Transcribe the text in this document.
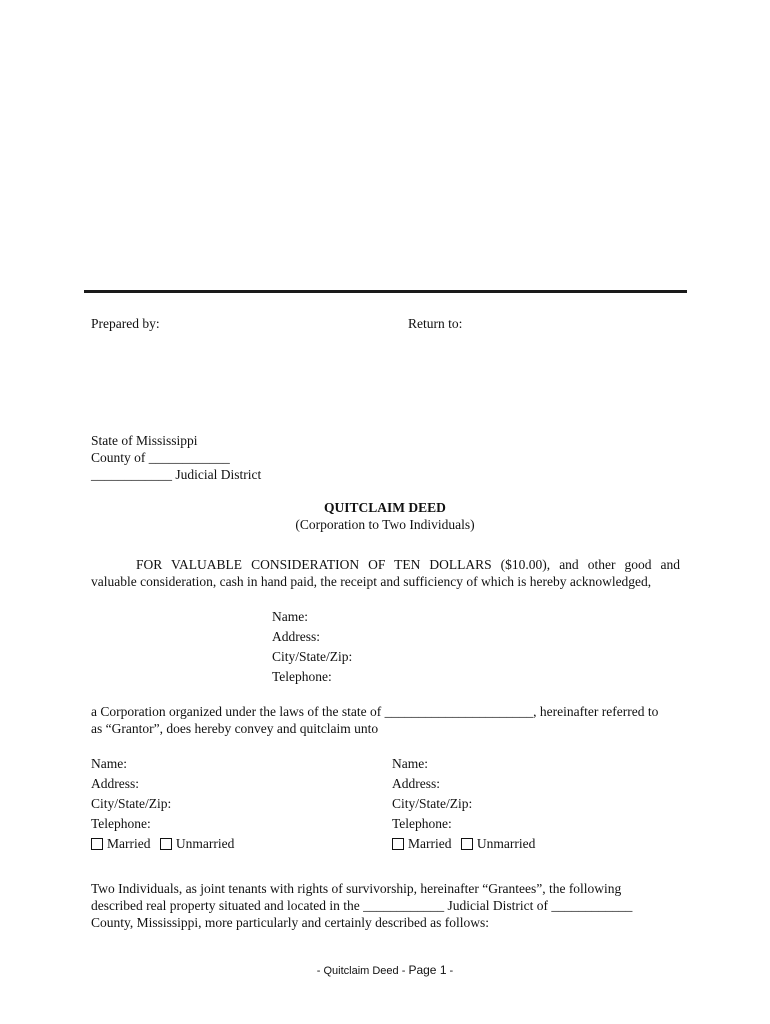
Prepared by:	Return to:
State of Mississippi
County of ____________
____________ Judicial District
QUITCLAIM DEED
(Corporation to Two Individuals)
FOR VALUABLE CONSIDERATION OF TEN DOLLARS ($10.00), and other good and
valuable consideration, cash in hand paid, the receipt and sufficiency of which is hereby acknowledged,
Name:
Address:
City/State/Zip:
Telephone:
a Corporation organized under the laws of the state of ______________________, hereinafter referred to
as “Grantor”, does hereby convey and quitclaim unto
Name:
Address:
City/State/Zip:
Telephone:
Married Unmarried
Name:
Address:
City/State/Zip:
Telephone:
Married Unmarried
Two Individuals, as joint tenants with rights of survivorship, hereinafter “Grantees”, the following
described real property situated and located in the ____________ Judicial District of ____________
County, Mississippi, more particularly and certainly described as follows:
- Quitclaim Deed - Page 1 -
